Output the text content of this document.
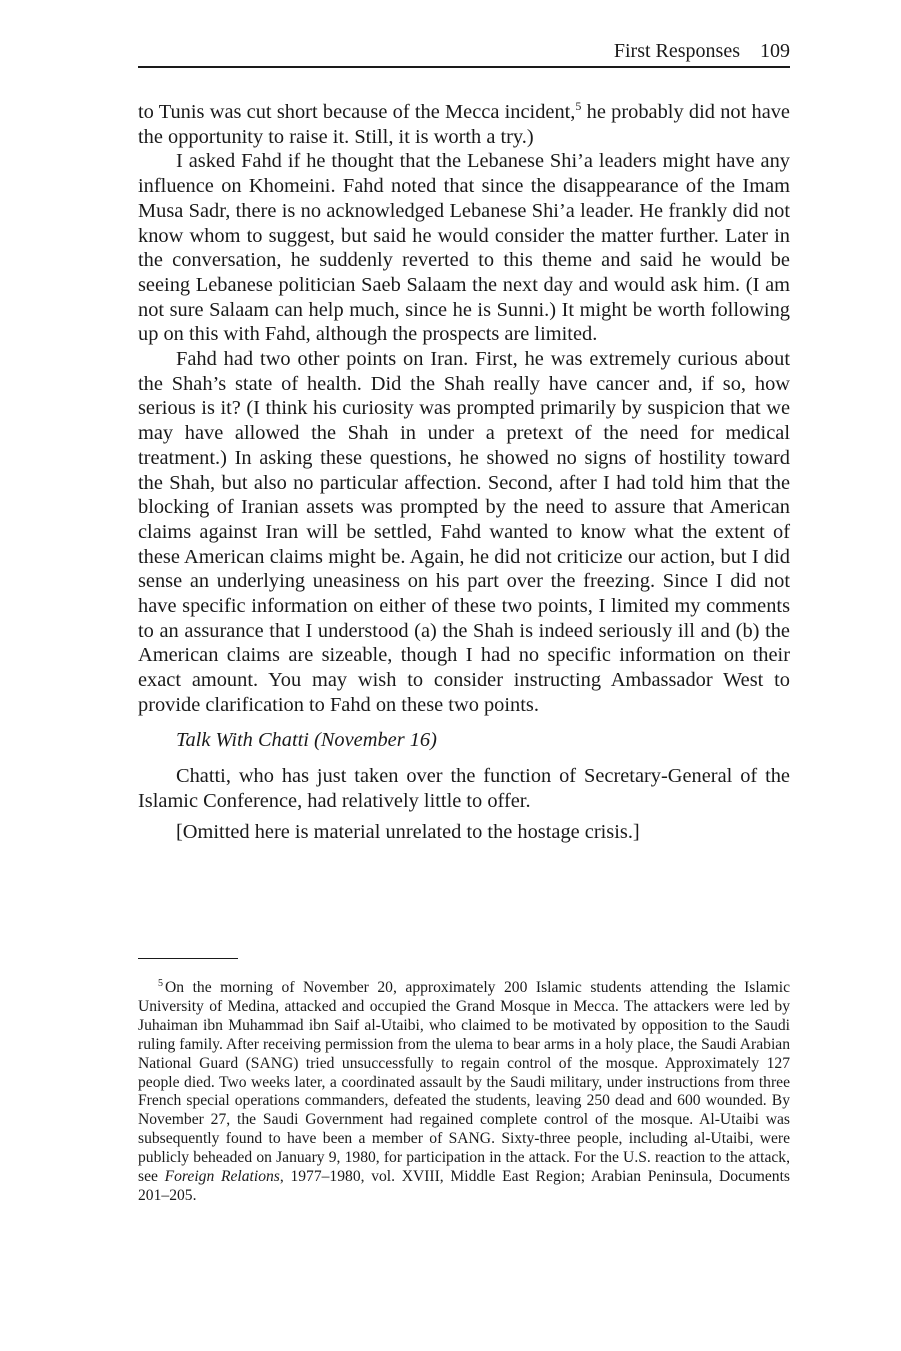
First Responses 109

to Tunis was cut short because of the Mecca incident,$^5$ he probably did not have the opportunity to raise it. Still, it is worth a try.)

I asked Fahd if he thought that the Lebanese Shi’a leaders might have any influence on Khomeini. Fahd noted that since the disappearance of the Imam Musa Sadr, there is no acknowledged Lebanese Shi’a leader. He frankly did not know whom to suggest, but said he would consider the matter further. Later in the conversation, he suddenly reverted to this theme and said he would be seeing Lebanese politician Saeb Salaam the next day and would ask him. (I am not sure Salaam can help much, since he is Sunni.) It might be worth following up on this with Fahd, although the prospects are limited.

Fahd had two other points on Iran. First, he was extremely curious about the Shah’s state of health. Did the Shah really have cancer and, if so, how serious is it? (I think his curiosity was prompted primarily by suspicion that we may have allowed the Shah in under a pretext of the need for medical treatment.) In asking these questions, he showed no signs of hostility toward the Shah, but also no particular affection. Second, after I had told him that the blocking of Iranian assets was prompted by the need to assure that American claims against Iran will be settled, Fahd wanted to know what the extent of these American claims might be. Again, he did not criticize our action, but I did sense an underlying uneasiness on his part over the freezing. Since I did not have specific information on either of these two points, I limited my comments to an assurance that I understood (a) the Shah is indeed seriously ill and (b) the American claims are sizeable, though I had no specific information on their exact amount. You may wish to consider instructing Ambassador West to provide clarification to Fahd on these two points.

Talk With Chatti (November 16)

Chatti, who has just taken over the function of Secretary-General of the Islamic Conference, had relatively little to offer.

[Omitted here is material unrelated to the hostage crisis.]

$^5$ On the morning of November 20, approximately 200 Islamic students attending the Islamic University of Medina, attacked and occupied the Grand Mosque in Mecca. The attackers were led by Juhaiman ibn Muhammad ibn Saif al-Utaibi, who claimed to be motivated by opposition to the Saudi ruling family. After receiving permission from the ulema to bear arms in a holy place, the Saudi Arabian National Guard (SANG) tried unsuccessfully to regain control of the mosque. Approximately 127 people died. Two weeks later, a coordinated assault by the Saudi military, under instructions from three French special operations commanders, defeated the students, leaving 250 dead and 600 wounded. By November 27, the Saudi Government had regained complete control of the mosque. Al-Utaibi was subsequently found to have been a member of SANG. Sixty-three people, including al-Utaibi, were publicly beheaded on January 9, 1980, for participation in the attack. For the U.S. reaction to the attack, see Foreign Relations, 1977–1980, vol. XVIII, Middle East Region; Arabian Peninsula, Documents 201–205.
